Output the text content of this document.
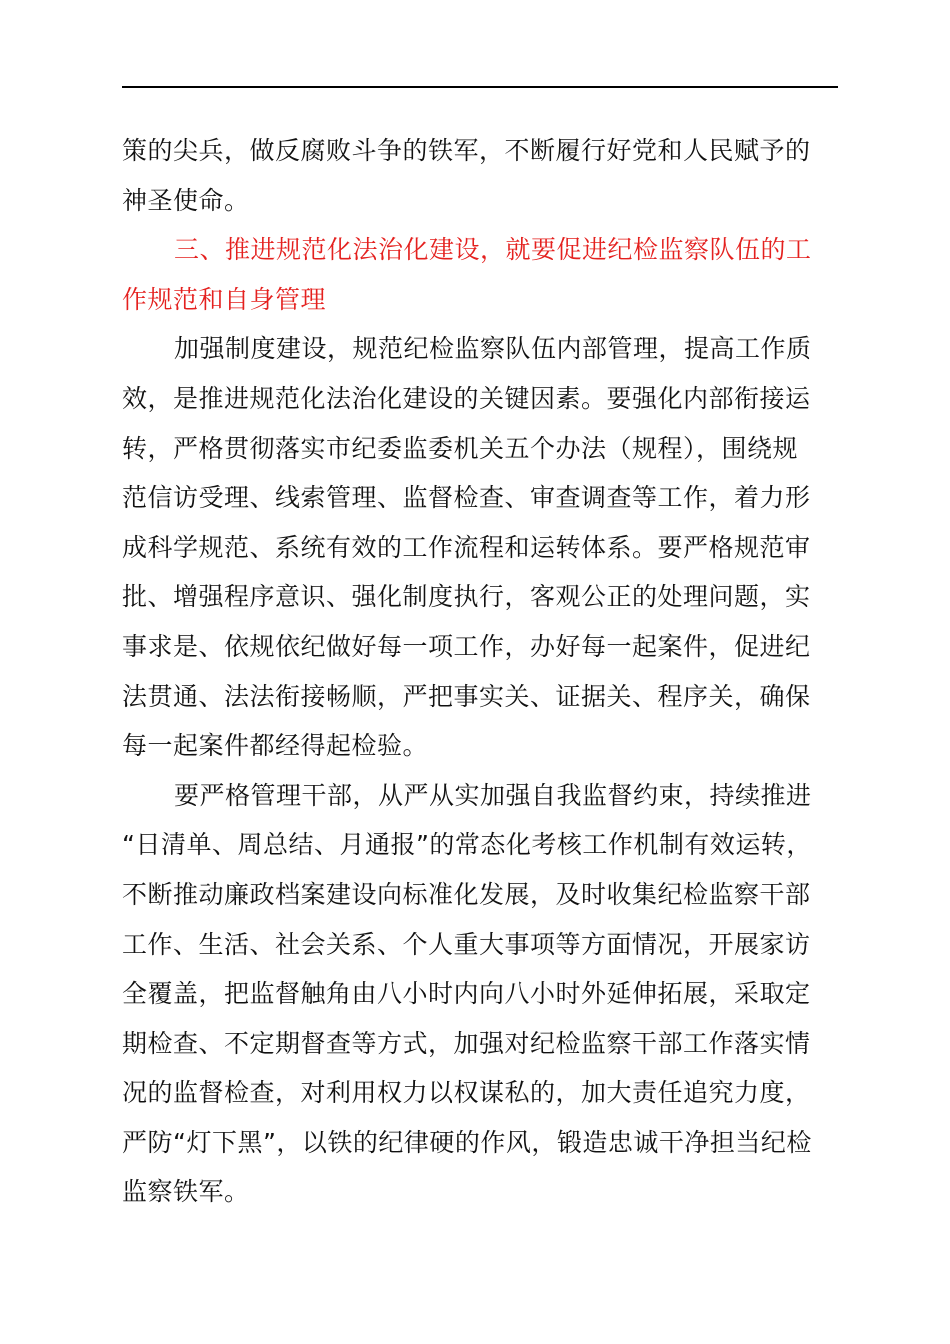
策的尖兵，做反腐败斗争的铁军，不断履行好党和人民赋予的
神圣使命。

三、推进规范化法治化建设，就要促进纪检监察队伍的工
作规范和自身管理

加强制度建设，规范纪检监察队伍内部管理，提高工作质
效，是推进规范化法治化建设的关键因素。要强化内部衔接运
转，严格贯彻落实市纪委监委机关五个办法（规程），围绕规
范信访受理、线索管理、监督检查、审查调查等工作，着力形
成科学规范、系统有效的工作流程和运转体系。要严格规范审
批、增强程序意识、强化制度执行，客观公正的处理问题，实
事求是、依规依纪做好每一项工作，办好每一起案件，促进纪
法贯通、法法衔接畅顺，严把事实关、证据关、程序关，确保
每一起案件都经得起检验。

要严格管理干部，从严从实加强自我监督约束，持续推进
“日清单、周总结、月通报”的常态化考核工作机制有效运转，
不断推动廉政档案建设向标准化发展，及时收集纪检监察干部
工作、生活、社会关系、个人重大事项等方面情况，开展家访
全覆盖，把监督触角由八小时内向八小时外延伸拓展，采取定
期检查、不定期督查等方式，加强对纪检监察干部工作落实情
况的监督检查，对利用权力以权谋私的，加大责任追究力度，
严防“灯下黑”，以铁的纪律硬的作风，锻造忠诚干净担当纪检
监察铁军。
